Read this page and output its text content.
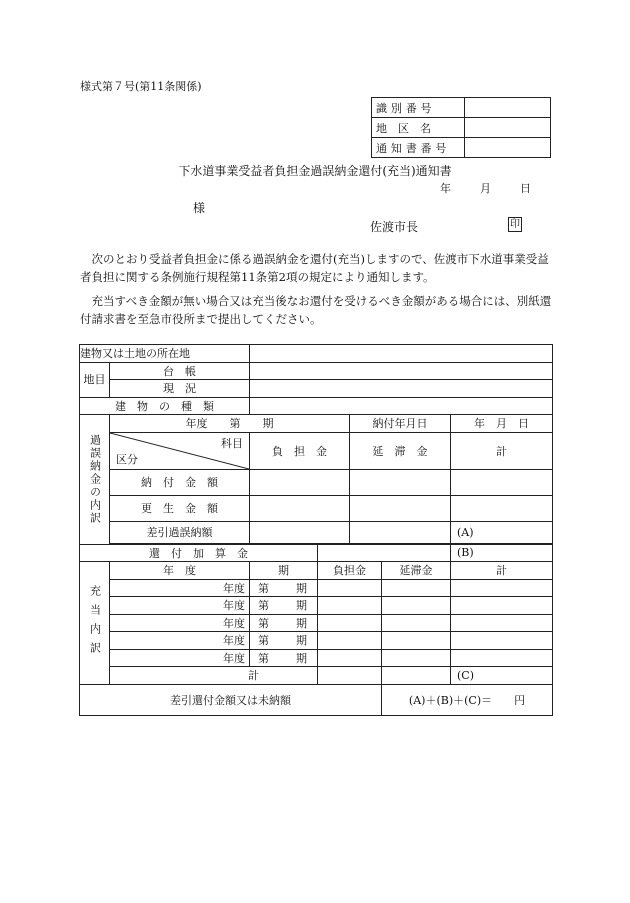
様式第７号(第11条関係)
識別番号	
地　区　名	
通知書番号	
下水道事業受益者負担金過誤納金還付(充当)通知書
年	月	日
様
佐渡市長	印
次のとおり受益者負担金に係る過誤納金を還付(充当)しますので、佐渡市下水道事業受益者負担に関する条例施行規程第11条第2項の規定により通知します。
充当すべき金額が無い場合又は充当後なお還付を受けるべき金額がある場合には、別紙還付請求書を至急市役所まで提出してください。
建物又は土地の所在地						
地目	台　帳					
	現　況					
建　物　の　種　類						
過誤納金の内訳	年度　　第　　期			納付年月日		年　月　日

	科目
区分	負　担　金		延　滞　金		計
	納　付　金　額					
	更　生　金　額					
	差引過誤納額					(A)

還　付　加　算　金						(B)
充当内訳	年　度	期	負担金		延滞金	計
	年度	第 期				

	年度	第 期				

	年度	第 期				

	年度	第 期				

	年度	第 期				

	計					(C)
差引還付金額又は未納額					(A)＋(B)＋(C)＝　　円	
